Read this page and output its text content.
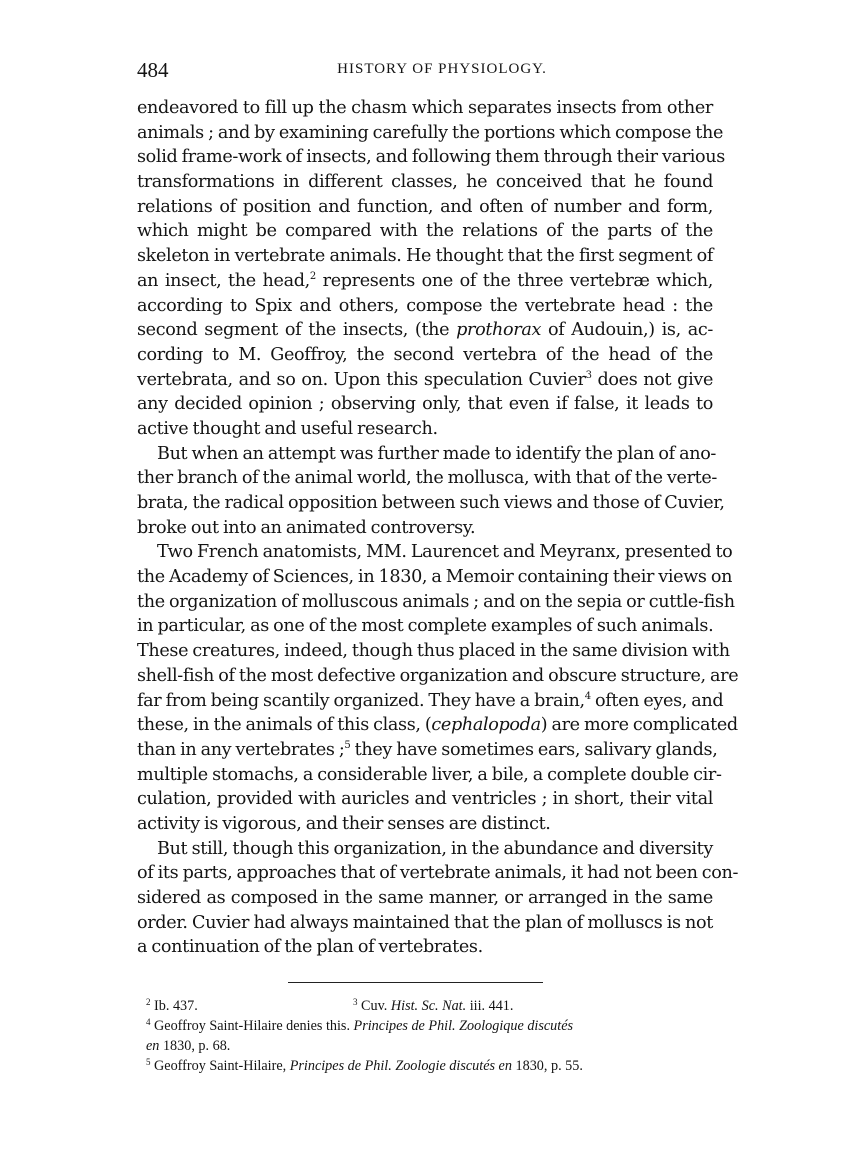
484	HISTORY OF PHYSIOLOGY.
endeavored to fill up the chasm which separates insects from other
animals ; and by examining carefully the portions which compose the
solid frame-work of insects, and following them through their various
transformations in different classes, he conceived that he found
relations of position and function, and often of number and form,
which might be compared with the relations of the parts of the
skeleton in vertebrate animals. He thought that the first segment of
an insect, the head,$^2$ represents one of the three vertebræ which,
according to Spix and others, compose the vertebrate head : the
second segment of the insects, (the prothorax of Audouin,) is, ac-
cording to M. Geoffroy, the second vertebra of the head of the
vertebrata, and so on. Upon this speculation Cuvier$^3$ does not give
any decided opinion ; observing only, that even if false, it leads to
active thought and useful research.
But when an attempt was further made to identify the plan of ano-
ther branch of the animal world, the mollusca, with that of the verte-
brata, the radical opposition between such views and those of Cuvier,
broke out into an animated controversy.
Two French anatomists, MM. Laurencet and Meyranx, presented to
the Academy of Sciences, in 1830, a Memoir containing their views on
the organization of molluscous animals ; and on the sepia or cuttle-fish
in particular, as one of the most complete examples of such animals.
These creatures, indeed, though thus placed in the same division with
shell-fish of the most defective organization and obscure structure, are
far from being scantily organized. They have a brain,$^4$ often eyes, and
these, in the animals of this class, (cephalopoda) are more complicated
than in any vertebrates ;$^5$ they have sometimes ears, salivary glands,
multiple stomachs, a considerable liver, a bile, a complete double cir-
culation, provided with auricles and ventricles ; in short, their vital
activity is vigorous, and their senses are distinct.
But still, though this organization, in the abundance and diversity
of its parts, approaches that of vertebrate animals, it had not been con-
sidered as composed in the same manner, or arranged in the same
order. Cuvier had always maintained that the plan of molluscs is not
a continuation of the plan of vertebrates.
$^2$ Ib. 437.	$^3$ Cuv. Hist. Sc. Nat. iii. 441.
$^4$ Geoffroy Saint-Hilaire denies this. Principes de Phil. Zoologique discutés
en 1830, p. 68.
$^5$ Geoffroy Saint-Hilaire, Principes de Phil. Zoologie discutés en 1830, p. 55.
